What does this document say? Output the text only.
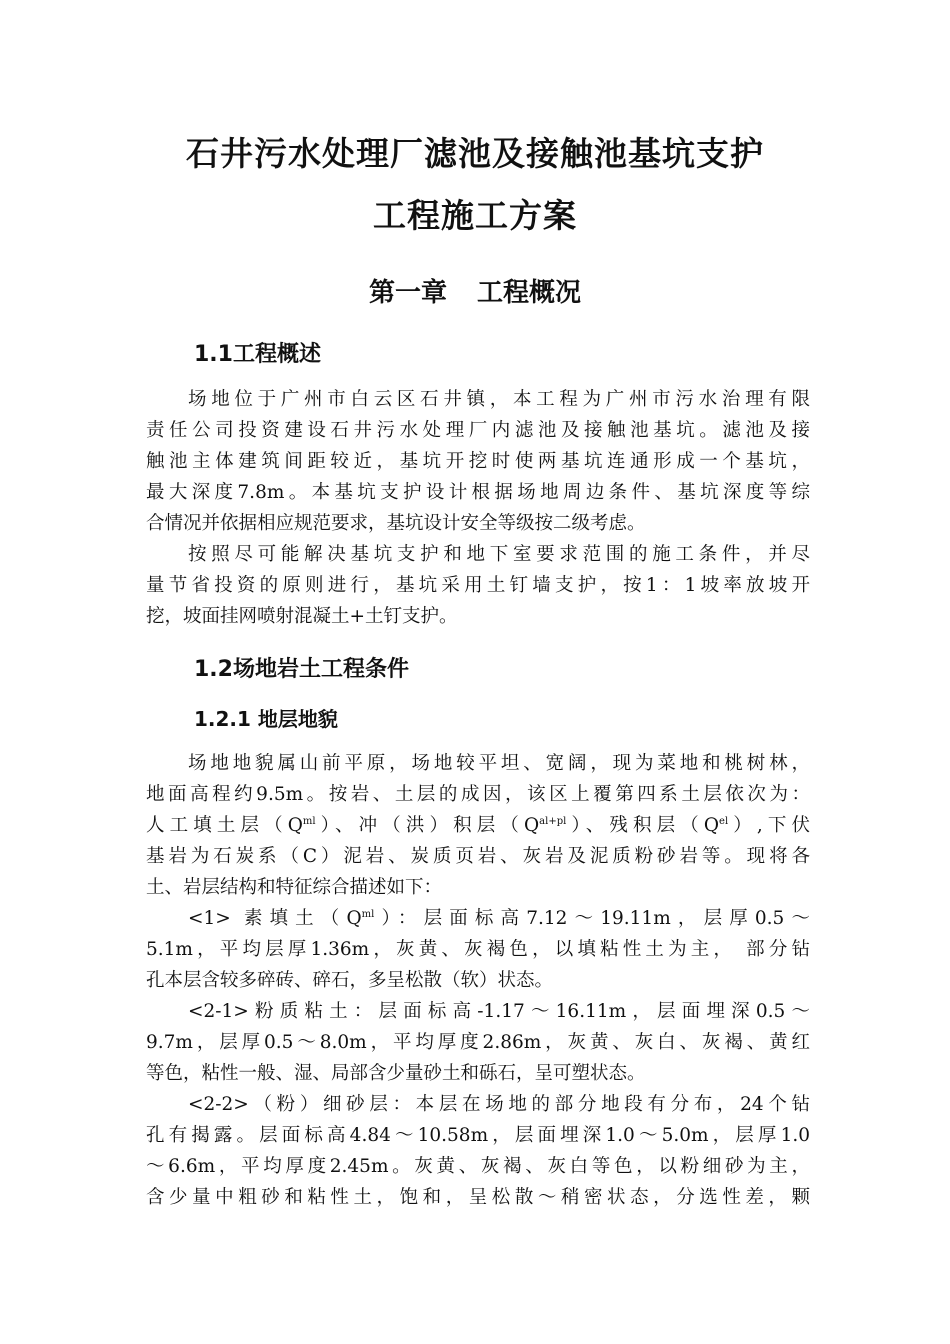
石井污水处理厂滤池及接触池基坑支护
工程施工方案
第一章 工程概况
1.1工程概述

场地位于广州市白云区石井镇，本工程为广州市污水治理有限
责任公司投资建设石井污水处理厂内滤池及接触池基坑。滤池及接
触池主体建筑间距较近，基坑开挖时使两基坑连通形成一个基坑，
最大深度7.8m。本基坑支护设计根据场地周边条件、基坑深度等综
合情况并依据相应规范要求，基坑设计安全等级按二级考虑。

按照尽可能解决基坑支护和地下室要求范围的施工条件，并尽
量节省投资的原则进行，基坑采用土钉墙支护，按1：1坡率放坡开
挖，坡面挂网喷射混凝土+土钉支护。

1.2场地岩土工程条件
1.2.1 地层地貌

场地地貌属山前平原，场地较平坦、宽阔，现为菜地和桃树林，
地面高程约9.5m。按岩、土层的成因，该区上覆第四系土层依次为：
人工填土层$(Q^{ml})$、冲（洪）积层$(Q^{al+pl})$、残积层$(Q^{el})$,下伏
基岩为石炭系（C）泥岩、炭质页岩、灰岩及泥质粉砂岩等。现将各
土、岩层结构和特征综合描述如下：

<1> 素填土$(Q^{ml})$：层面标高7.12～19.11m，层厚0.5～
5.1m，平均层厚1.36m，灰黄、灰褐色，以填粘性土为主， 部分钻
孔本层含较多碎砖、碎石，多呈松散（软）状态。

<2-1>粉质粘土：层面标高-1.17～16.11m，层面埋深0.5～
9.7m，层厚0.5～8.0m，平均厚度2.86m，灰黄、灰白、灰褐、黄红
等色，粘性一般、湿、局部含少量砂土和砾石，呈可塑状态。

<2-2>（粉）细砂层：本层在场地的部分地段有分布，24个钻
孔有揭露。层面标高4.84～10.58m，层面埋深1.0～5.0m，层厚1.0
～6.6m，平均厚度2.45m。灰黄、灰褐、灰白等色，以粉细砂为主，
含少量中粗砂和粘性土，饱和，呈松散～稍密状态，分选性差，颗
